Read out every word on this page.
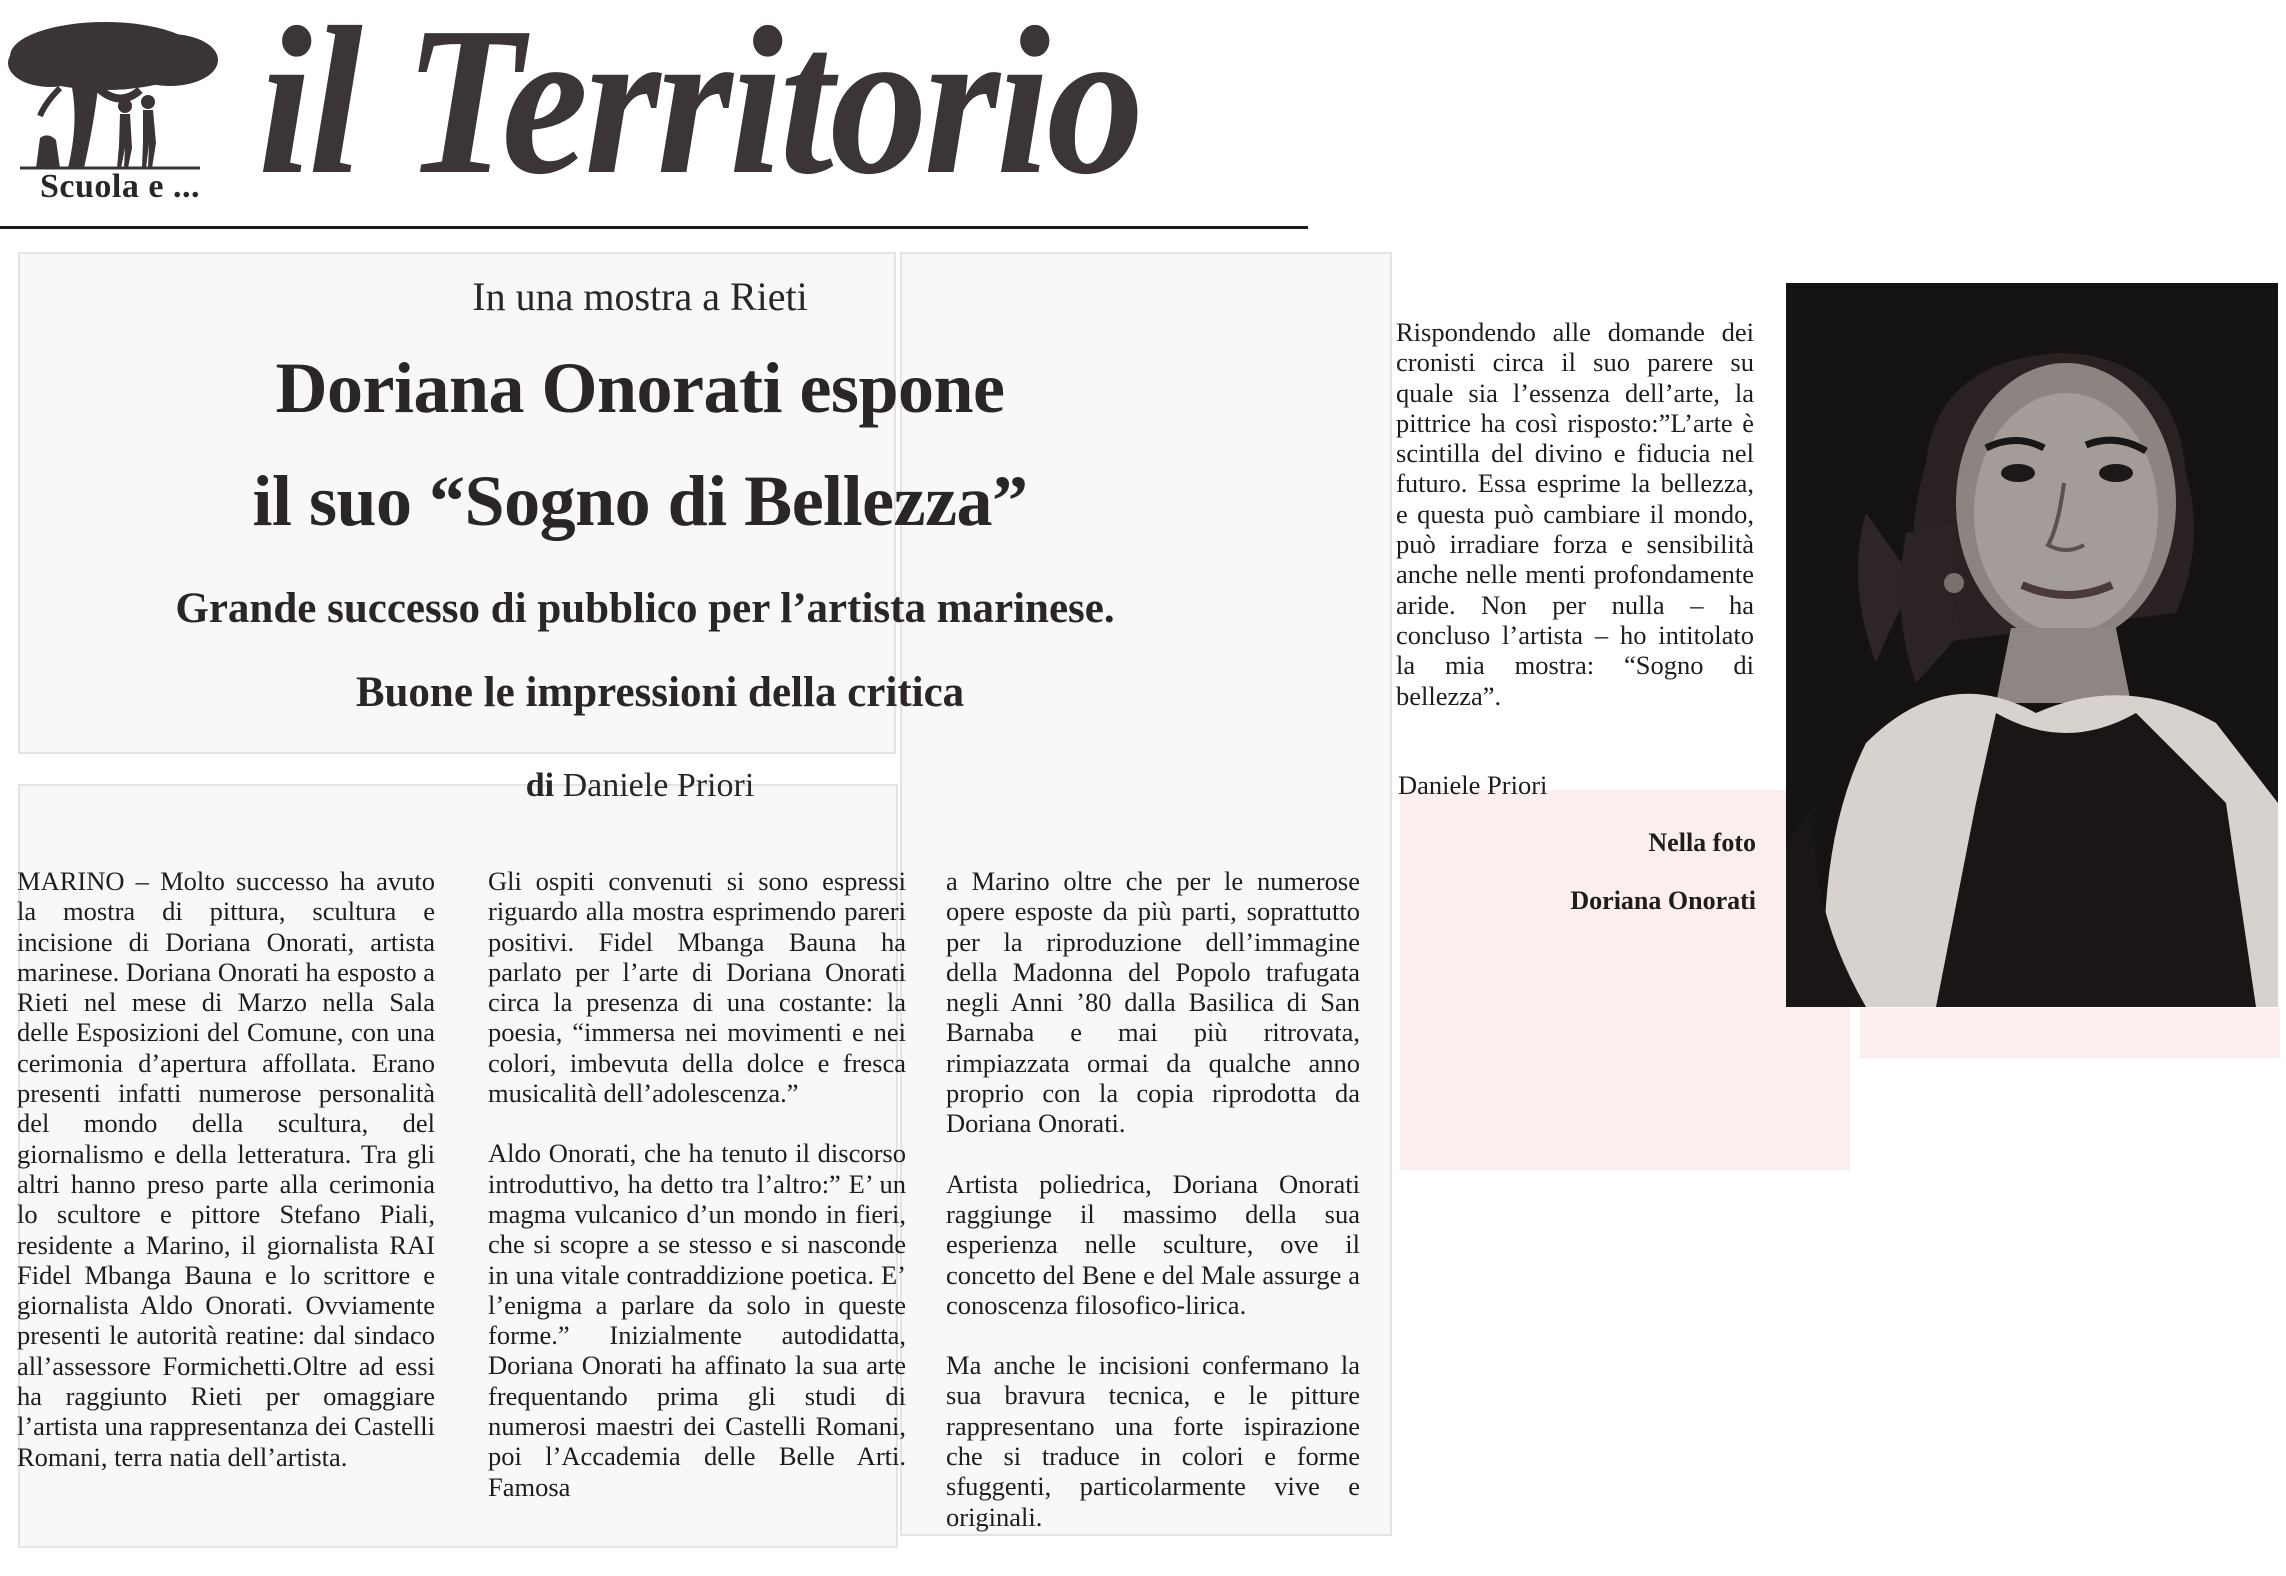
Scuola e ... il Territorio
In una mostra a Rieti
Doriana Onorati espone
il suo “Sogno di Bellezza”
Grande successo di pubblico per l’artista marinese.
Buone le impressioni della critica
di Daniele Priori

MARINO – Molto successo ha avuto la mostra di pittura, scultura e incisione di Doriana Onorati, artista marinese. Doriana Onorati ha esposto a Rieti nel mese di Marzo nella Sala delle Esposizioni del Comune, con una cerimonia d’apertura affollata. Erano presenti infatti numerose personalità del mondo della scultura, del giornalismo e della letteratura. Tra gli altri hanno preso parte alla cerimonia lo scultore e pittore Stefano Piali, residente a Marino, il giornalista RAI Fidel Mbanga Bauna e lo scrittore e giornalista Aldo Onorati. Ovviamente presenti le autorità reatine: dal sindaco all’assessore Formichetti.Oltre ad essi ha raggiunto Rieti per omaggiare l’artista una rappresentanza dei Castelli Romani, terra natia dell’artista.

Gli ospiti convenuti si sono espressi riguardo alla mostra esprimendo pareri positivi. Fidel Mbanga Bauna ha parlato per l’arte di Doriana Onorati circa la presenza di una costante: la poesia, “immersa nei movimenti e nei colori, imbevuta della dolce e fresca musicalità dell’adolescenza.”

Aldo Onorati, che ha tenuto il discorso introduttivo, ha detto tra l’altro:” E’ un magma vulcanico d’un mondo in fieri, che si scopre a se stesso e si nasconde in una vitale contraddizione poetica. E’ l’enigma a parlare da solo in queste forme.” Inizialmente autodidatta, Doriana Onorati ha affinato la sua arte frequentando prima gli studi di numerosi maestri dei Castelli Romani, poi l’Accademia delle Belle Arti. Famosa

a Marino oltre che per le numerose opere esposte da più parti, soprattutto per la riproduzione dell’immagine della Madonna del Popolo trafugata negli Anni ’80 dalla Basilica di San Barnaba e mai più ritrovata, rimpiazzata ormai da qualche anno proprio con la copia riprodotta da Doriana Onorati.

Artista poliedrica, Doriana Onorati raggiunge il massimo della sua esperienza nelle sculture, ove il concetto del Bene e del Male assurge a conoscenza filosofico-lirica.

Ma anche le incisioni confermano la sua bravura tecnica, e le pitture rappresentano una forte ispirazione che si traduce in colori e forme sfuggenti, particolarmente vive e originali.

Rispondendo alle domande dei cronisti circa il suo parere su quale sia l’essenza dell’arte, la pittrice ha così risposto:”L’arte è scintilla del divino e fiducia nel futuro. Essa esprime la bellezza, e questa può cambiare il mondo, può irradiare forza e sensibilità anche nelle menti profondamente aride. Non per nulla – ha concluso l’artista – ho intitolato la mia mostra: “Sogno di bellezza”.
Daniele Priori
Nella foto
Doriana Onorati
